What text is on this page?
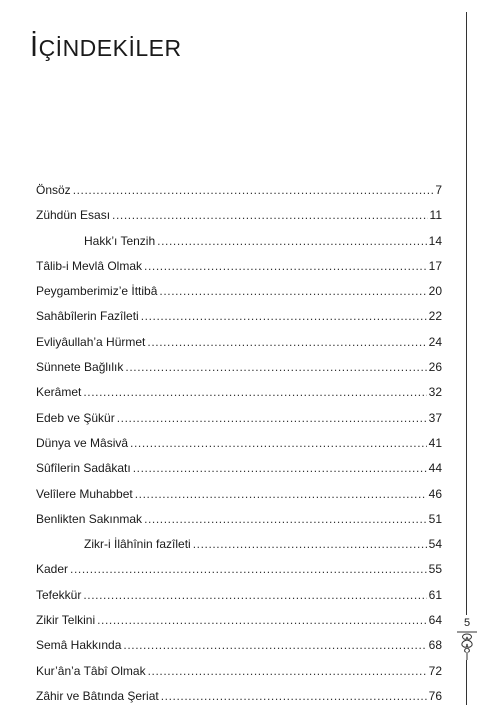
İÇİNDEKİLER
Önsöz .....	7
Zühdün Esası .....	11
Hakk’ı Tenzih .....	14
Tâlib-i Mevlâ Olmak .....	17
Peygamberimiz’e İttibâ .....	20
Sahâbîlerin Fazîleti .....	22
Evliyâullah’a Hürmet .....	24
Sünnete Bağlılık .....	26
Kerâmet .....	32
Edeb ve Şükür .....	37
Dünya ve Mâsivâ .....	41
Sûfîlerin Sadâkatı .....	44
Velîlere Muhabbet .....	46
Benlikten Sakınmak .....	51
Zikr-i İlâhînin fazîleti .....	54
Kader .....	55
Tefekkür .....	61
Zikir Telkini .....	64
Semâ Hakkında .....	68
Kur’ân’a Tâbî Olmak .....	72
Zâhir ve Bâtında Şeriat .....	76
5
